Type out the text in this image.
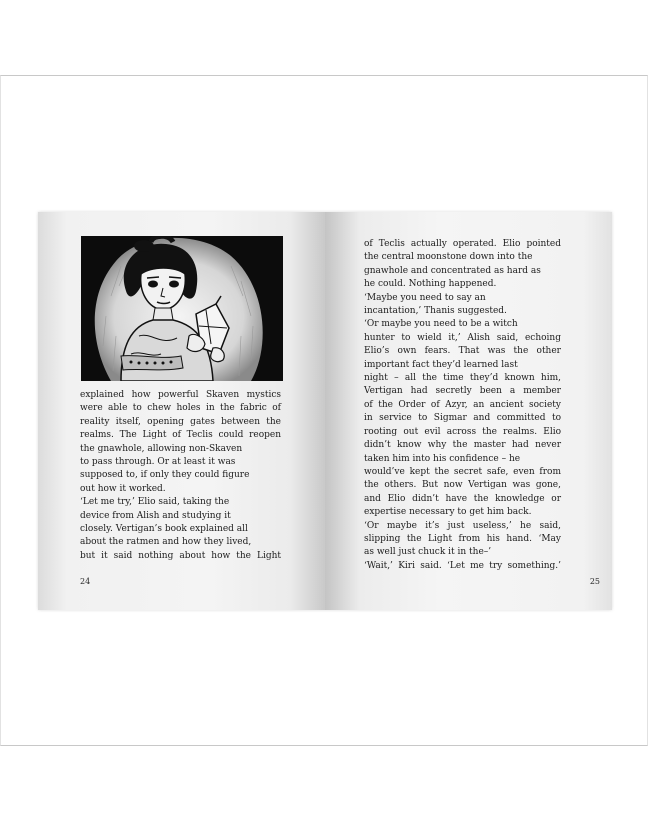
explained how powerful Skaven mystics
were able to chew holes in the fabric of
reality itself, opening gates between the
realms. The Light of Teclis could reopen
the gnawhole, allowing non-Skaven
to pass through. Or at least it was
supposed to, if only they could figure
out how it worked.
‘Let me try,’ Elio said, taking the
device from Alish and studying it
closely. Vertigan’s book explained all
about the ratmen and how they lived,
but it said nothing about how the Light
24
of Teclis actually operated. Elio pointed
the central moonstone down into the
gnawhole and concentrated as hard as
he could. Nothing happened.
‘Maybe you need to say an
incantation,’ Thanis suggested.
‘Or maybe you need to be a witch
hunter to wield it,’ Alish said, echoing
Elio’s own fears. That was the other
important fact they’d learned last
night – all the time they’d known him,
Vertigan had secretly been a member
of the Order of Azyr, an ancient society
in service to Sigmar and committed to
rooting out evil across the realms. Elio
didn’t know why the master had never
taken him into his confidence – he
would’ve kept the secret safe, even from
the others. But now Vertigan was gone,
and Elio didn’t have the knowledge or
expertise necessary to get him back.
‘Or maybe it’s just useless,’ he said,
slipping the Light from his hand. ‘May
as well just chuck it in the–’
‘Wait,’ Kiri said. ‘Let me try something.’
25
